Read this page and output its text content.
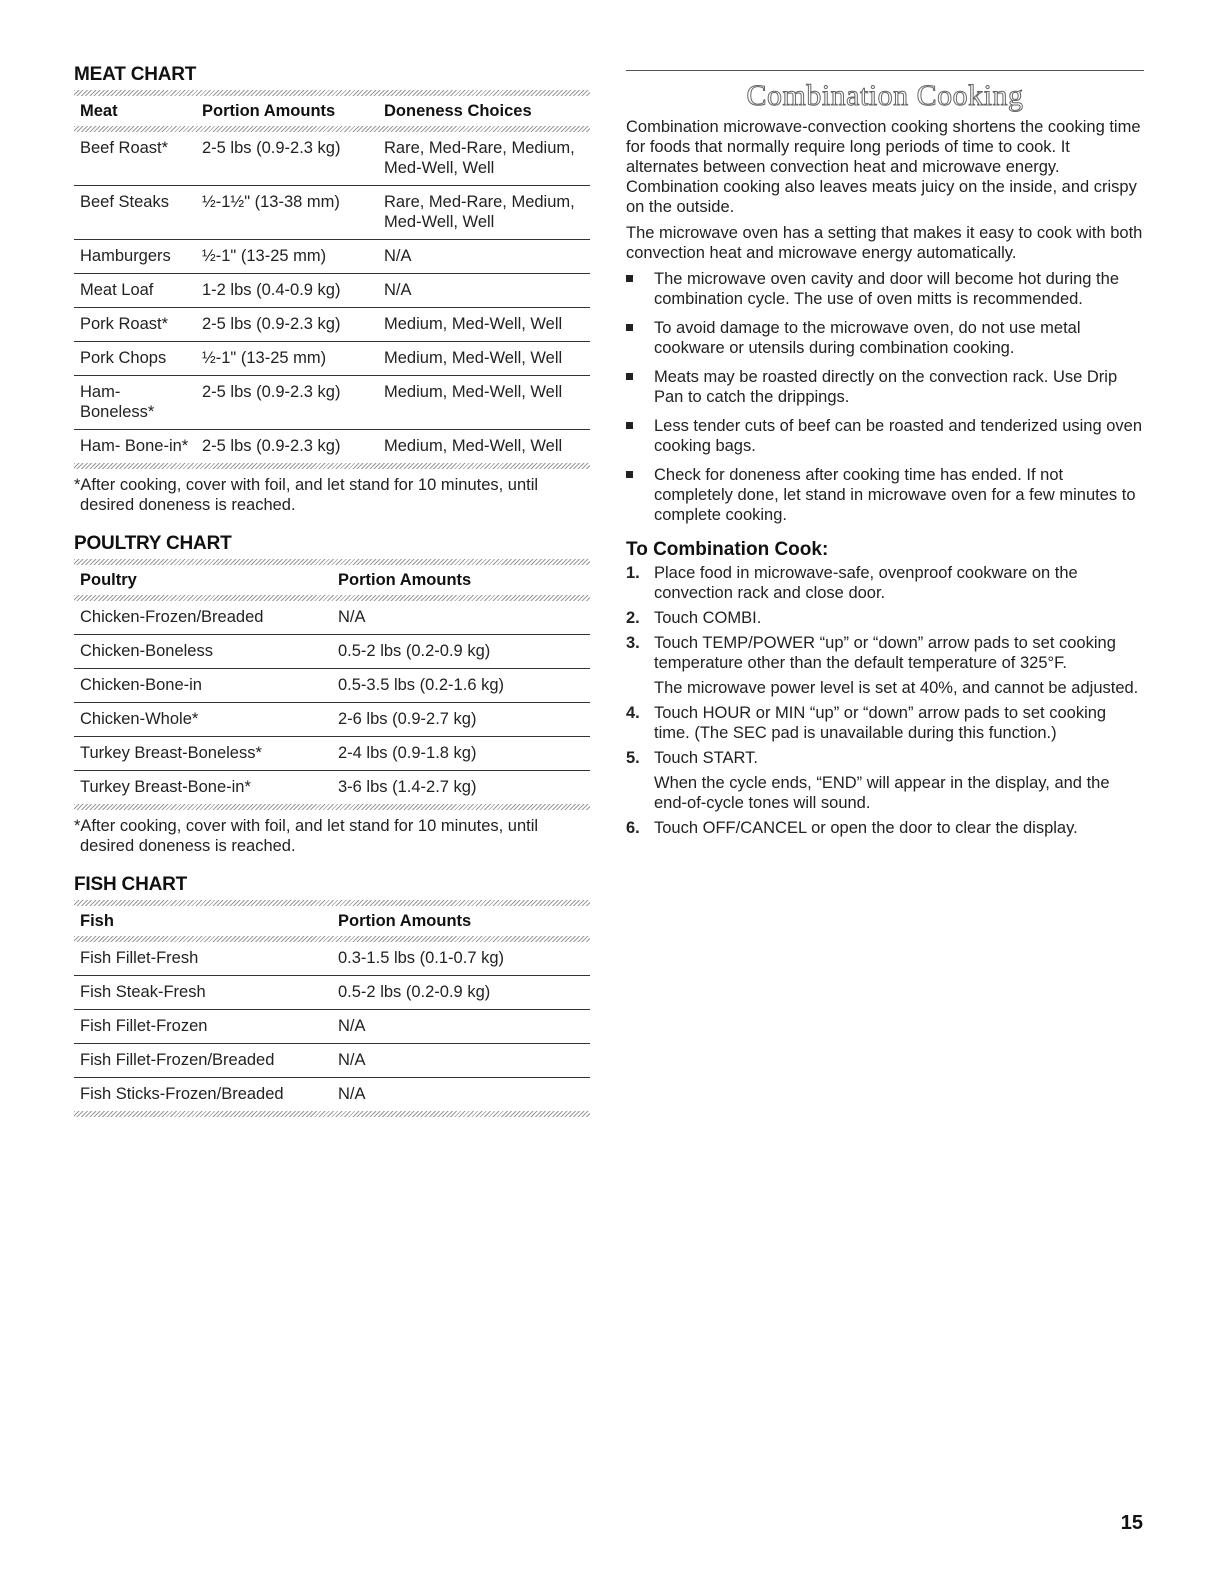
MEAT CHART
Meat	Portion Amounts	Doneness Choices

Beef Roast*	2-5 lbs (0.9-2.3 kg)	Rare, Med-Rare, Medium, Med-Well, Well
Beef Steaks	½-1½" (13-38 mm)	Rare, Med-Rare, Medium, Med-Well, Well
Hamburgers	½-1" (13-25 mm)	N/A
Meat Loaf	1-2 lbs (0.4-0.9 kg)	N/A
Pork Roast*	2-5 lbs (0.9-2.3 kg)	Medium, Med-Well, Well
Pork Chops	½-1" (13-25 mm)	Medium, Med-Well, Well
Ham- Boneless*	2-5 lbs (0.9-2.3 kg)	Medium, Med-Well, Well
Ham- Bone-in*	2-5 lbs (0.9-2.3 kg)	Medium, Med-Well, Well

*After cooking, cover with foil, and let stand for 10 minutes, until desired doneness is reached.

POULTRY CHART
Poultry	Portion Amounts

Chicken-Frozen/Breaded	N/A
Chicken-Boneless	0.5-2 lbs (0.2-0.9 kg)
Chicken-Bone-in	0.5-3.5 lbs (0.2-1.6 kg)
Chicken-Whole*	2-6 lbs (0.9-2.7 kg)
Turkey Breast-Boneless*	2-4 lbs (0.9-1.8 kg)
Turkey Breast-Bone-in*	3-6 lbs (1.4-2.7 kg)

*After cooking, cover with foil, and let stand for 10 minutes, until desired doneness is reached.

FISH CHART
Fish	Portion Amounts

Fish Fillet-Fresh	0.3-1.5 lbs (0.1-0.7 kg)
Fish Steak-Fresh	0.5-2 lbs (0.2-0.9 kg)
Fish Fillet-Frozen	N/A
Fish Fillet-Frozen/Breaded	N/A
Fish Sticks-Frozen/Breaded	N/A
Combination Cooking

Combination microwave-convection cooking shortens the cooking time for foods that normally require long periods of time to cook. It alternates between convection heat and microwave energy. Combination cooking also leaves meats juicy on the inside, and crispy on the outside.

The microwave oven has a setting that makes it easy to cook with both convection heat and microwave energy automatically.

The microwave oven cavity and door will become hot during the combination cycle. The use of oven mitts is recommended.
To avoid damage to the microwave oven, do not use metal cookware or utensils during combination cooking.
Meats may be roasted directly on the convection rack. Use Drip Pan to catch the drippings.
Less tender cuts of beef can be roasted and tenderized using oven cooking bags.
Check for doneness after cooking time has ended. If not completely done, let stand in microwave oven for a few minutes to complete cooking.
To Combination Cook:
1. Place food in microwave-safe, ovenproof cookware on the convection rack and close door.
2. Touch COMBI.
3. Touch TEMP/POWER “up” or “down” arrow pads to set cooking temperature other than the default temperature of 325°F.
The microwave power level is set at 40%, and cannot be adjusted.
4. Touch HOUR or MIN “up” or “down” arrow pads to set cooking time. (The SEC pad is unavailable during this function.)
5. Touch START.
When the cycle ends, “END” will appear in the display, and the end-of-cycle tones will sound.
6. Touch OFF/CANCEL or open the door to clear the display.
15
